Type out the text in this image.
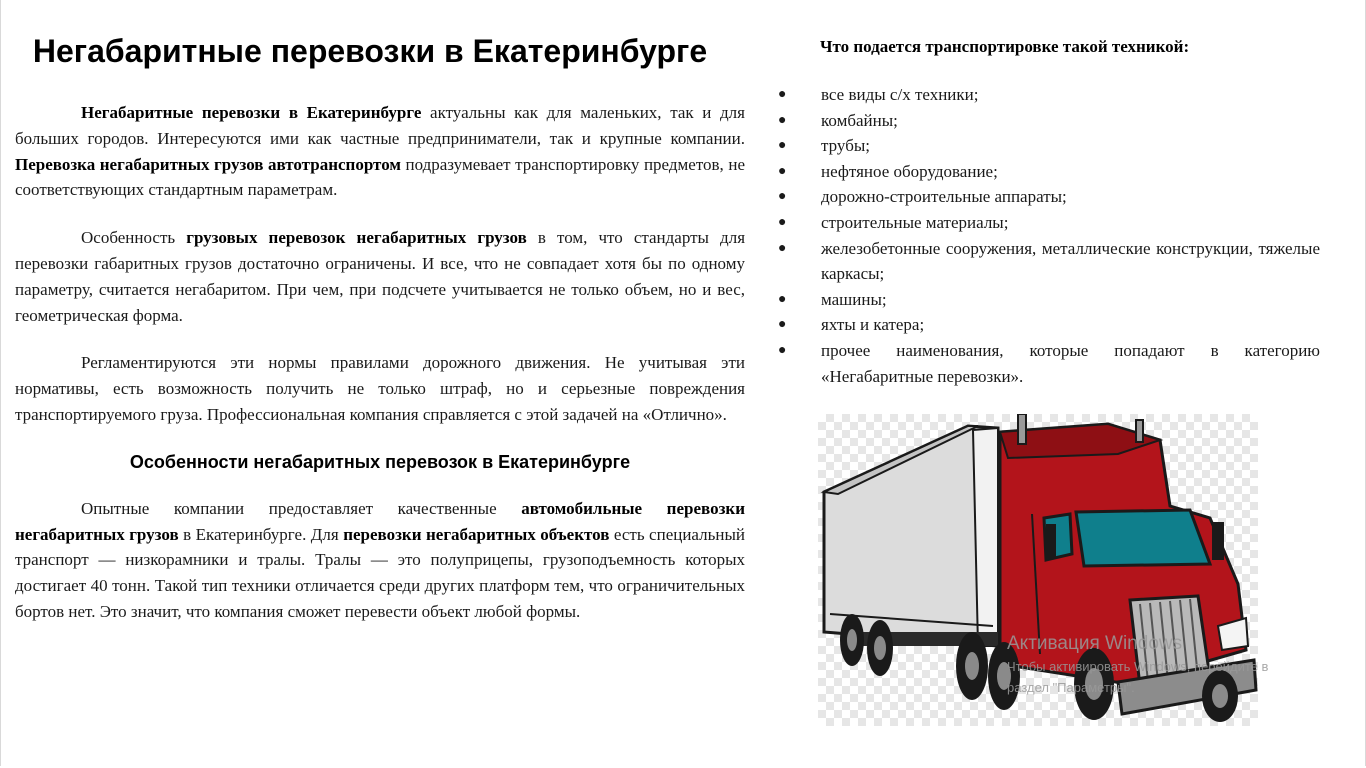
Негабаритные перевозки в Екатеринбурге

Негабаритные перевозки в Екатеринбурге актуальны как для маленьких, так и для больших городов. Интересуются ими как частные предприниматели, так и крупные компании. Перевозка негабаритных грузов автотранспортом подразумевает транспортировку предметов, не соответствующих стандартным параметрам.

Особенность грузовых перевозок негабаритных грузов в том, что стандарты для перевозки габаритных грузов достаточно ограничены. И все, что не совпадает хотя бы по одному параметру, считается негабаритом. При чем, при подсчете учитывается не только объем, но и вес, геометрическая форма.

Регламентируются эти нормы правилами дорожного движения. Не учитывая эти нормативы, есть возможность получить не только штраф, но и серьезные повреждения транспортируемого груза. Профессиональная компания справляется с этой задачей на «Отлично».

Особенности негабаритных перевозок в Екатеринбурге

Опытные компании предоставляет качественные автомобильные перевозки негабаритных грузов в Екатеринбурге. Для перевозки негабаритных объектов есть специальный транспорт — низкорамники и тралы. Тралы — это полуприцепы, грузоподъемность которых достигает 40 тонн. Такой тип техники отличается среди других платформ тем, что ограничительных бортов нет. Это значит, что компания сможет перевести объект любой формы.

Что подается транспортировке такой техникой:
● все виды с/х техники;
● комбайны;
● трубы;
● нефтяное оборудование;
● дорожно-строительные аппараты;
● строительные материалы;
● железобетонные сооружения, металлические конструкции, тяжелые каркасы;
● машины;
● яхты и катера;
● прочее наименования, которые попадают в категорию «Негабаритные перевозки».
Активация Windows
Чтобы активировать Windows, перейдите в
раздел "Параметры".
